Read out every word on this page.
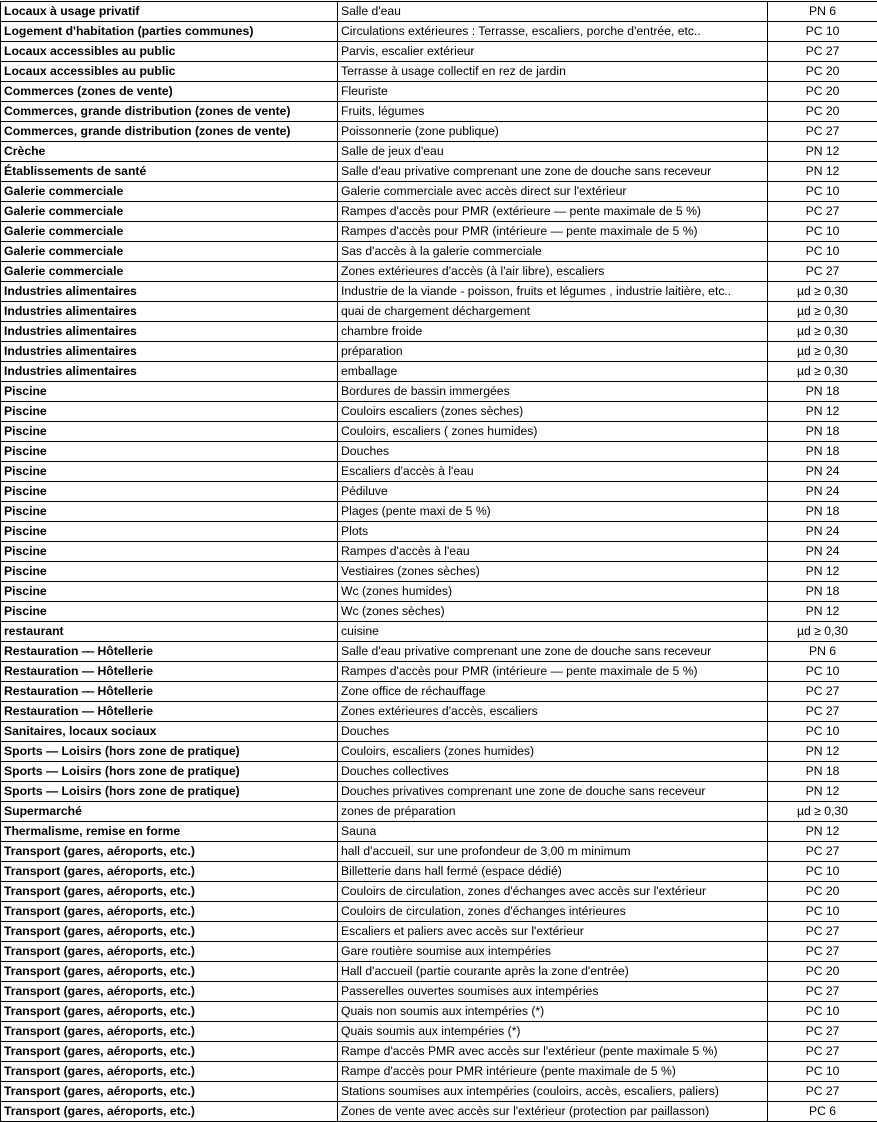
Locaux à usage privatif	Salle d'eau	PN 6
Logement d'habitation (parties communes)	Circulations extérieures : Terrasse, escaliers, porche d'entrée, etc..	PC 10
Locaux accessibles au public	Parvis, escalier extérieur	PC 27
Locaux accessibles au public	Terrasse à usage collectif en rez de jardin	PC 20
Commerces (zones de vente)	Fleuriste	PC 20
Commerces, grande distribution (zones de vente)	Fruits, légumes	PC 20
Commerces, grande distribution (zones de vente)	Poissonnerie (zone publique)	PC 27
Crèche	Salle de jeux d'eau	PN 12
Établissements de santé	Salle d'eau privative comprenant une zone de douche sans receveur	PN 12
Galerie commerciale	Galerie commerciale avec accès direct sur l'extérieur	PC 10
Galerie commerciale	Rampes d'accès pour PMR (extérieure — pente maximale de 5 %)	PC 27
Galerie commerciale	Rampes d'accès pour PMR (intérieure — pente maximale de 5 %)	PC 10
Galerie commerciale	Sas d'accès à la galerie commerciale	PC 10
Galerie commerciale	Zones extérieures d'accès (à l'air libre), escaliers	PC 27
Industries alimentaires	Industrie de la viande - poisson, fruits et légumes , industrie laitière, etc..	µd ≥ 0,30
Industries alimentaires	quai de chargement déchargement	µd ≥ 0,30
Industries alimentaires	chambre froide	µd ≥ 0,30
Industries alimentaires	préparation	µd ≥ 0,30
Industries alimentaires	emballage	µd ≥ 0,30
Piscine	Bordures de bassin immergées	PN 18
Piscine	Couloirs escaliers (zones sèches)	PN 12
Piscine	Couloirs, escaliers ( zones humides)	PN 18
Piscine	Douches	PN 18
Piscine	Escaliers d'accès à l'eau	PN 24
Piscine	Pédiluve	PN 24
Piscine	Plages (pente maxi de 5 %)	PN 18
Piscine	Plots	PN 24
Piscine	Rampes d'accès à l'eau	PN 24
Piscine	Vestiaires (zones sèches)	PN 12
Piscine	Wc (zones humides)	PN 18
Piscine	Wc (zones sèches)	PN 12
restaurant	cuisine	µd ≥ 0,30
Restauration — Hôtellerie	Salle d'eau privative comprenant une zone de douche sans receveur	PN 6
Restauration — Hôtellerie	Rampes d'accès pour PMR (intérieure — pente maximale de 5 %)	PC 10
Restauration — Hôtellerie	Zone office de réchauffage	PC 27
Restauration — Hôtellerie	Zones extérieures d'accès, escaliers	PC 27
Sanitaires, locaux sociaux	Douches	PC 10
Sports — Loisirs (hors zone de pratique)	Couloirs, escaliers (zones humides)	PN 12
Sports — Loisirs (hors zone de pratique)	Douches collectives	PN 18
Sports — Loisirs (hors zone de pratique)	Douches privatives comprenant une zone de douche sans receveur	PN 12
Supermarché	zones de préparation	µd ≥ 0,30
Thermalisme, remise en forme	Sauna	PN 12
Transport (gares, aéroports, etc.)	hall d'accueil, sur une profondeur de 3,00 m minimum	PC 27
Transport (gares, aéroports, etc.)	Billetterie dans hall fermé (espace dédié)	PC 10
Transport (gares, aéroports, etc.)	Couloirs de circulation, zones d'échanges avec accès sur l'extérieur	PC 20
Transport (gares, aéroports, etc.)	Couloirs de circulation, zones d'échanges intérieures	PC 10
Transport (gares, aéroports, etc.)	Escaliers et paliers avec accès sur l'extérieur	PC 27
Transport (gares, aéroports, etc.)	Gare routière soumise aux intempéries	PC 27
Transport (gares, aéroports, etc.)	Hall d'accueil (partie courante après la zone d'entrée)	PC 20
Transport (gares, aéroports, etc.)	Passerelles ouvertes soumises aux intempéries	PC 27
Transport (gares, aéroports, etc.)	Quais non soumis aux intempéries (*)	PC 10
Transport (gares, aéroports, etc.)	Quais soumis aux intempéries (*)	PC 27
Transport (gares, aéroports, etc.)	Rampe d'accès PMR avec accès sur l'extérieur (pente maximale 5 %)	PC 27
Transport (gares, aéroports, etc.)	Rampe d'accès pour PMR intérieure (pente maximale de 5 %)	PC 10
Transport (gares, aéroports, etc.)	Stations soumises aux intempéries (couloirs, accès, escaliers, paliers)	PC 27
Transport (gares, aéroports, etc.)	Zones de vente avec accès sur l'extérieur (protection par paillasson)	PC 6
